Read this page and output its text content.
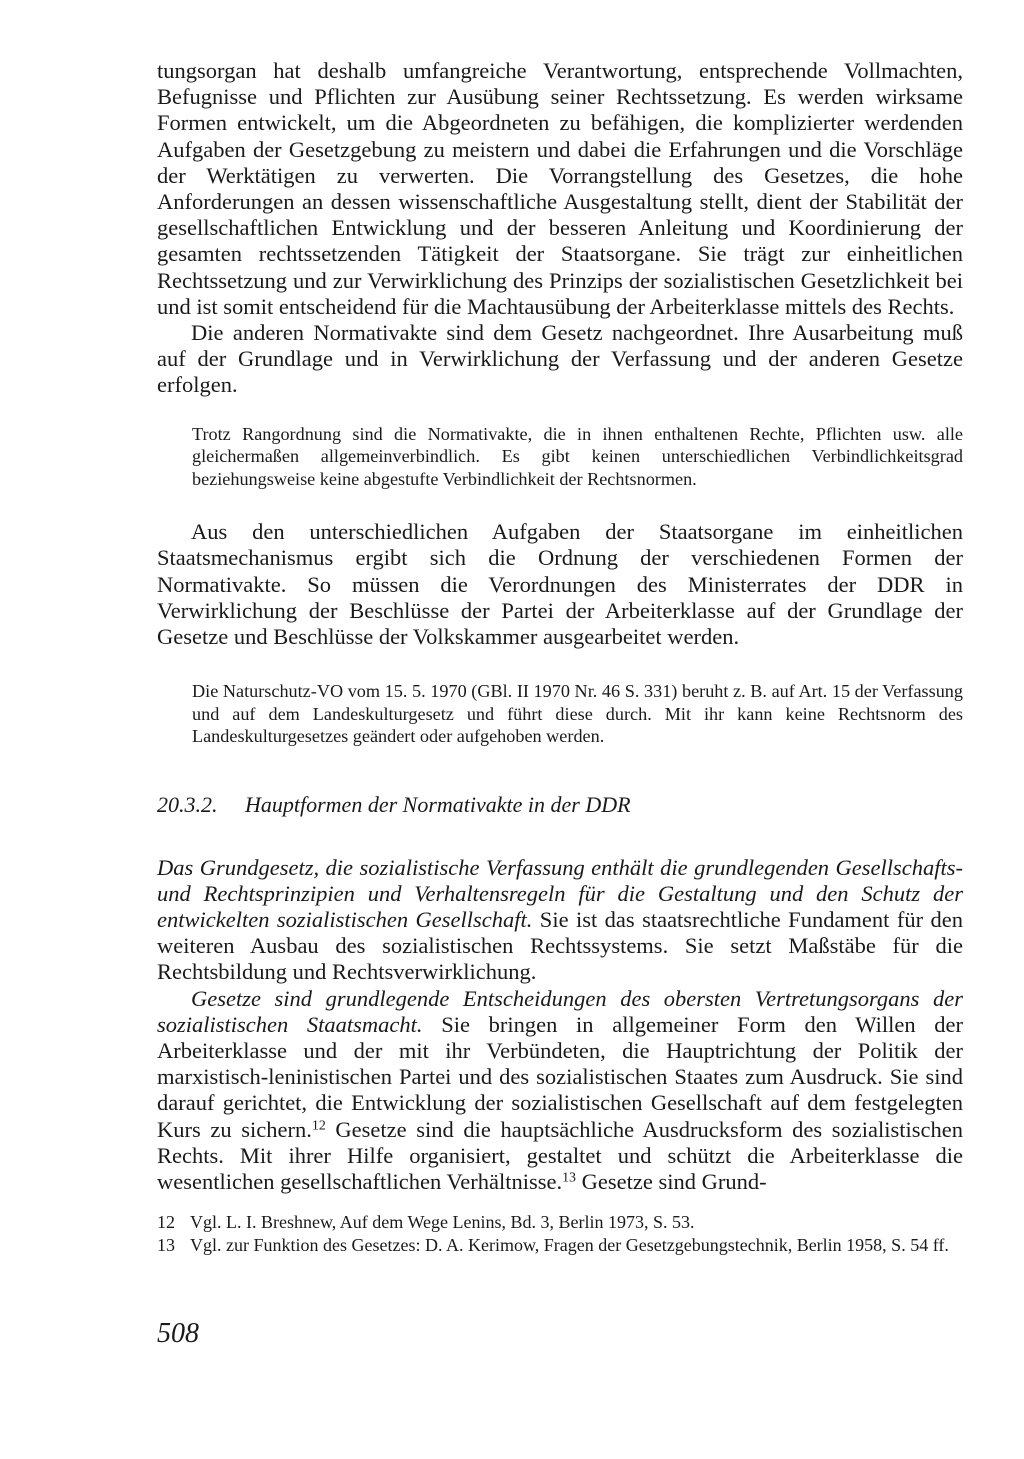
tungsorgan hat deshalb umfangreiche Verantwortung, entsprechende Vollmachten, Befugnisse und Pflichten zur Ausübung seiner Rechtssetzung. Es werden wirksame Formen entwickelt, um die Abgeordneten zu befähigen, die komplizierter werdenden Aufgaben der Gesetzgebung zu meistern und dabei die Erfahrungen und die Vorschläge der Werktätigen zu verwerten. Die Vorrangstellung des Gesetzes, die hohe Anforderungen an dessen wissenschaftliche Ausgestaltung stellt, dient der Stabilität der gesellschaftlichen Entwicklung und der besseren Anleitung und Koordinierung der gesamten rechtssetzenden Tätigkeit der Staatsorgane. Sie trägt zur einheitlichen Rechtssetzung und zur Verwirklichung des Prinzips der sozialistischen Gesetzlichkeit bei und ist somit entscheidend für die Machtausübung der Arbeiterklasse mittels des Rechts.

Die anderen Normativakte sind dem Gesetz nachgeordnet. Ihre Ausarbeitung muß auf der Grundlage und in Verwirklichung der Verfassung und der anderen Gesetze erfolgen.

Trotz Rangordnung sind die Normativakte, die in ihnen enthaltenen Rechte, Pflichten usw. alle gleichermaßen allgemeinverbindlich. Es gibt keinen unterschiedlichen Verbindlichkeitsgrad beziehungsweise keine abgestufte Verbindlichkeit der Rechtsnormen.

Aus den unterschiedlichen Aufgaben der Staatsorgane im einheitlichen Staatsmechanismus ergibt sich die Ordnung der verschiedenen Formen der Normativakte. So müssen die Verordnungen des Ministerrates der DDR in Verwirklichung der Beschlüsse der Partei der Arbeiterklasse auf der Grundlage der Gesetze und Beschlüsse der Volkskammer ausgearbeitet werden.

Die Naturschutz-VO vom 15. 5. 1970 (GBl. II 1970 Nr. 46 S. 331) beruht z. B. auf Art. 15 der Verfassung und auf dem Landeskulturgesetz und führt diese durch. Mit ihr kann keine Rechtsnorm des Landeskulturgesetzes geändert oder aufgehoben werden.

20.3.2. Hauptformen der Normativakte in der DDR

Das Grundgesetz, die sozialistische Verfassung enthält die grundlegenden Gesellschafts- und Rechtsprinzipien und Verhaltensregeln für die Gestaltung und den Schutz der entwickelten sozialistischen Gesellschaft. Sie ist das staatsrechtliche Fundament für den weiteren Ausbau des sozialistischen Rechtssystems. Sie setzt Maßstäbe für die Rechtsbildung und Rechtsverwirklichung.

Gesetze sind grundlegende Entscheidungen des obersten Vertretungsorgans der sozialistischen Staatsmacht. Sie bringen in allgemeiner Form den Willen der Arbeiterklasse und der mit ihr Verbündeten, die Hauptrichtung der Politik der marxistisch-leninistischen Partei und des sozialistischen Staates zum Ausdruck. Sie sind darauf gerichtet, die Entwicklung der sozialistischen Gesellschaft auf dem festgelegten Kurs zu sichern.$^{12}$ Gesetze sind die hauptsächliche Ausdrucksform des sozialistischen Rechts. Mit ihrer Hilfe organisiert, gestaltet und schützt die Arbeiterklasse die wesentlichen gesellschaftlichen Verhältnisse.$^{13}$ Gesetze sind Grund-

12 Vgl. L. I. Breshnew, Auf dem Wege Lenins, Bd. 3, Berlin 1973, S. 53.

13 Vgl. zur Funktion des Gesetzes: D. A. Kerimow, Fragen der Gesetzgebungstechnik, Berlin 1958, S. 54 ff.

508
